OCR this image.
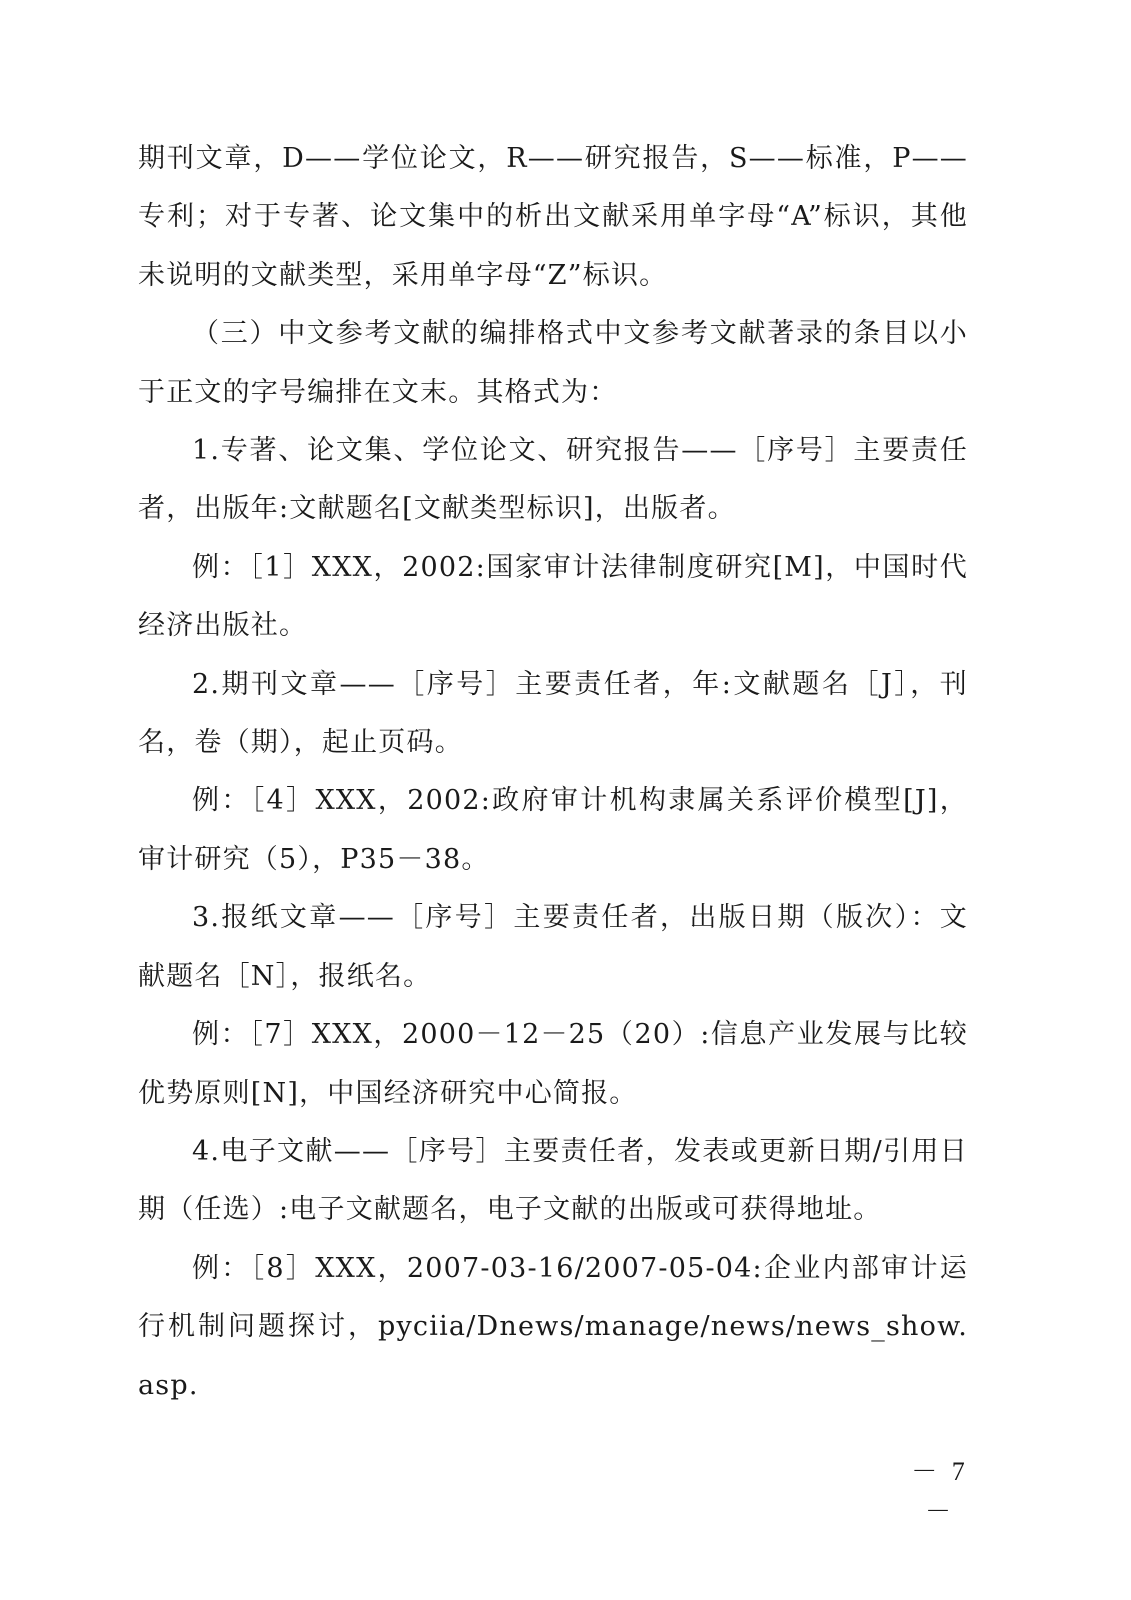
期刊文章，D——学位论文，R——研究报告，S——标准，P——专利；对于专著、论文集中的析出文献采用单字母“A”标识，其他未说明的文献类型，采用单字母“Z”标识。

（三）中文参考文献的编排格式中文参考文献著录的条目以小于正文的字号编排在文末。其格式为：

1.专著、论文集、学位论文、研究报告——［序号］主要责任者，出版年:文献题名[文献类型标识]，出版者。

例：［1］XXX，2002:国家审计法律制度研究[M]，中国时代经济出版社。

2.期刊文章——［序号］主要责任者，年:文献题名［J］，刊名，卷（期），起止页码。

例：［4］XXX，2002:政府审计机构隶属关系评价模型[J]，审计研究（5），P35－38。

3.报纸文章——［序号］主要责任者，出版日期（版次）：文献题名［N］，报纸名。

例：［7］XXX，2000－12－25（20）:信息产业发展与比较优势原则[N]，中国经济研究中心简报。

4.电子文献——［序号］主要责任者，发表或更新日期/引用日期（任选）:电子文献题名，电子文献的出版或可获得地址。

例：［8］XXX，2007-03-16/2007-05-04:企业内部审计运行机制问题探讨，pyciia/Dnews/manage/news/news_show.asp.

－ 7 －
